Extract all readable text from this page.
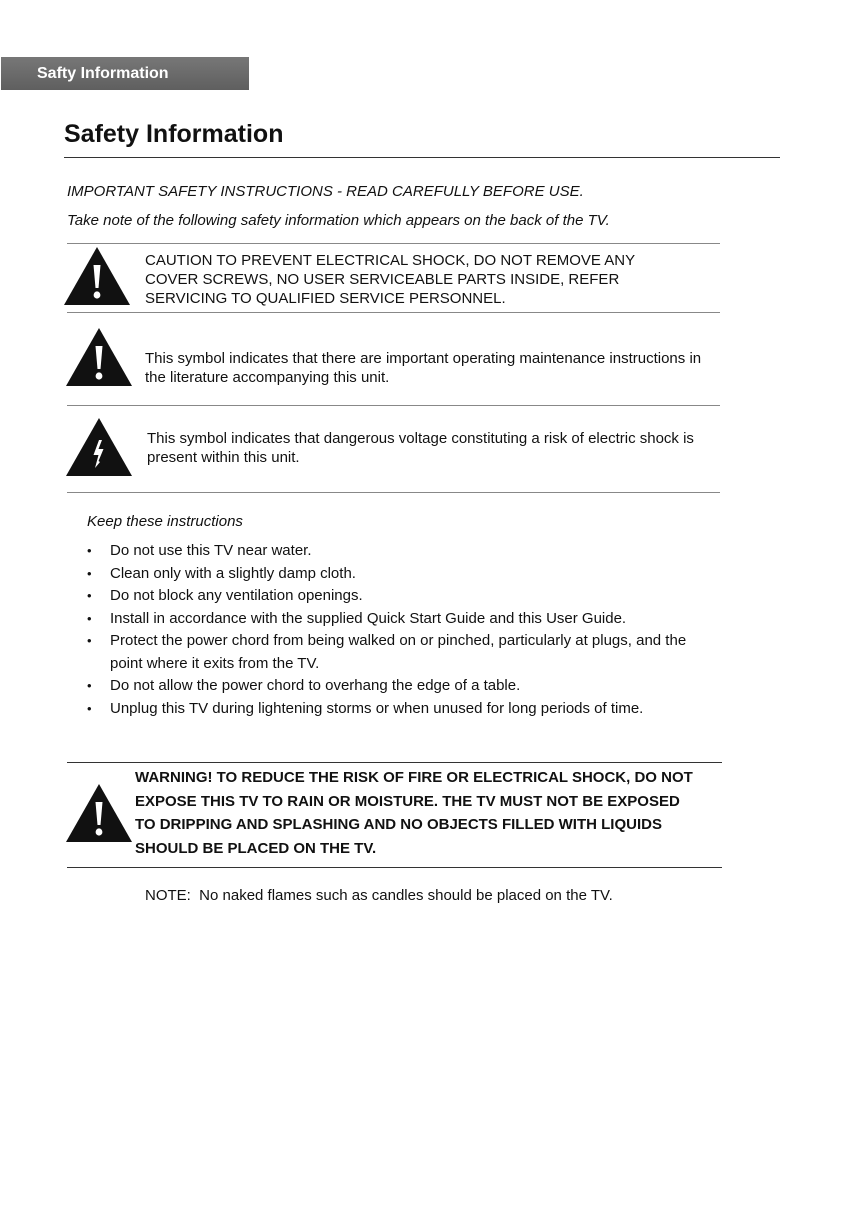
Safty Information
Safety Information
IMPORTANT SAFETY INSTRUCTIONS - READ CAREFULLY BEFORE USE.
Take note of the following safety information which appears on the back of the TV.
CAUTION TO PREVENT ELECTRICAL SHOCK, DO NOT REMOVE ANY
COVER SCREWS, NO USER SERVICEABLE PARTS INSIDE, REFER
SERVICING TO QUALIFIED SERVICE PERSONNEL.
This symbol indicates that there are important operating maintenance instructions in
the literature accompanying this unit.
This symbol indicates that dangerous voltage constituting a risk of electric shock is
present within this unit.
Keep these instructions
• Do not use this TV near water.
• Clean only with a slightly damp cloth.
• Do not block any ventilation openings.
• Install in accordance with the supplied Quick Start Guide and this User Guide.
• Protect the power chord from being walked on or pinched, particularly at plugs, and the point where it exits from the TV.
• Do not allow the power chord to overhang the edge of a table.
• Unplug this TV during lightening storms or when unused for long periods of time.
WARNING! TO REDUCE THE RISK OF FIRE OR ELECTRICAL SHOCK, DO NOT
EXPOSE THIS TV TO RAIN OR MOISTURE. THE TV MUST NOT BE EXPOSED
TO DRIPPING AND SPLASHING AND NO OBJECTS FILLED WITH LIQUIDS
SHOULD BE PLACED ON THE TV.
NOTE:  No naked flames such as candles should be placed on the TV.
